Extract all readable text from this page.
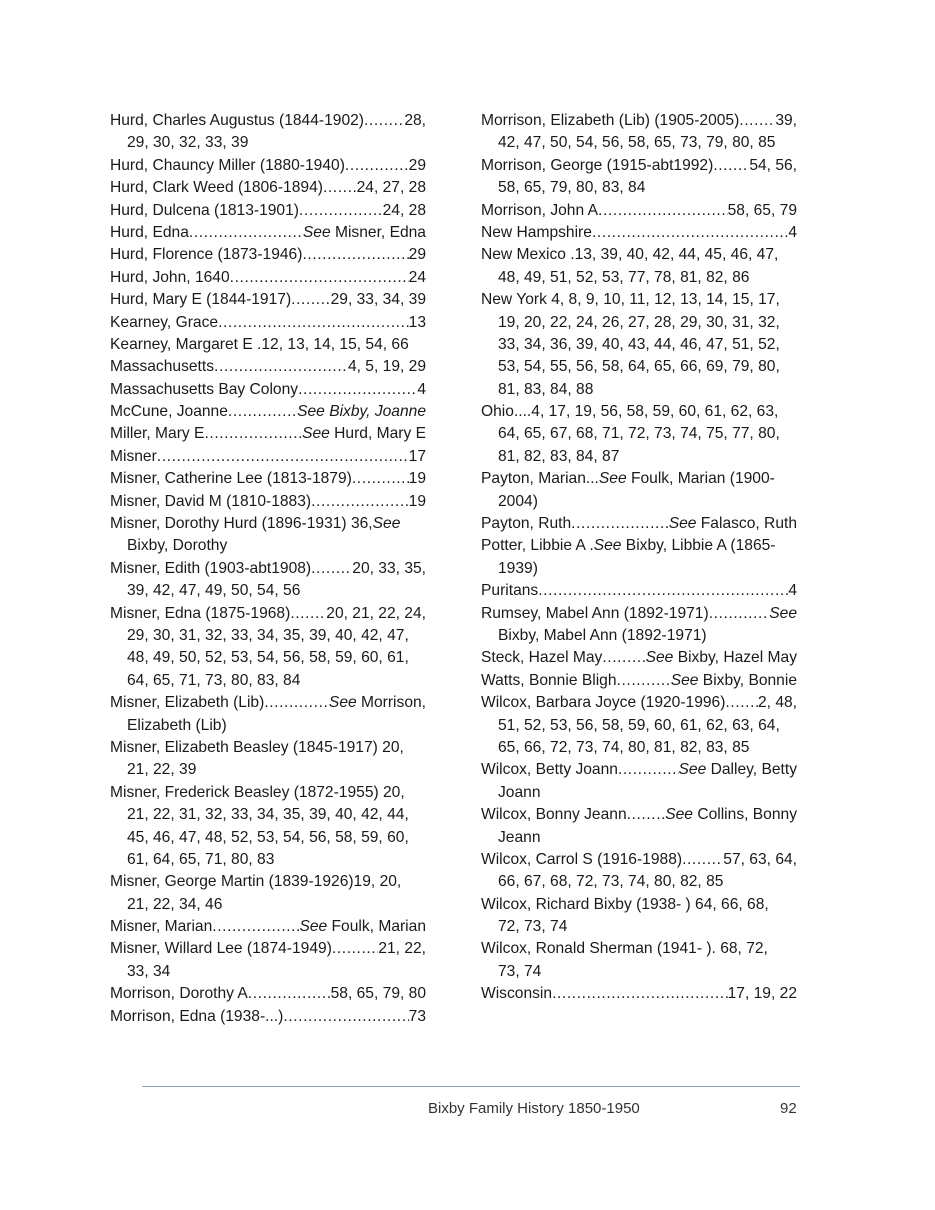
Hurd, Charles Augustus (1844-1902) .....	28,
29, 30, 32, 33, 39
Hurd, Chauncy Miller (1880-1940) .....	29
Hurd, Clark Weed (1806-1894) ..... 24, 27, 28
Hurd, Dulcena (1813-1901) .....	24, 28
Hurd, Edna .....	See Misner, Edna
Hurd, Florence (1873-1946) .....	29
Hurd, John, 1640 .....	24
Hurd, Mary E (1844-1917) .....	29, 33, 34, 39
Kearney, Grace .....	13
Kearney, Margaret E .12, 13, 14, 15, 54, 66
Massachusetts .....	4, 5, 19, 29
Massachusetts Bay Colony .....	4
McCune, Joanne .....	See Bixby, Joanne
Miller, Mary E .....	See Hurd, Mary E
Misner .....	17
Misner, Catherine Lee (1813-1879) .....	19
Misner, David M (1810-1883) .....	19
Misner, Dorothy Hurd (1896-1931) 36, See
Bixby, Dorothy
Misner, Edith (1903-abt1908) .....	20, 33, 35,
39, 42, 47, 49, 50, 54, 56
Misner, Edna (1875-1968) ..... 20, 21, 22, 24,
29, 30, 31, 32, 33, 34, 35, 39, 40, 42, 47,
48, 49, 50, 52, 53, 54, 56, 58, 59, 60, 61,
64, 65, 71, 73, 80, 83, 84
Misner, Elizabeth (Lib) .....	See Morrison,
Elizabeth (Lib)
Misner, Elizabeth Beasley (1845-1917) 20,
21, 22, 39
Misner, Frederick Beasley (1872-1955) 20,
21, 22, 31, 32, 33, 34, 35, 39, 40, 42, 44,
45, 46, 47, 48, 52, 53, 54, 56, 58, 59, 60,
61, 64, 65, 71, 80, 83
Misner, George Martin (1839-1926)19, 20,
21, 22, 34, 46
Misner, Marian .....	See Foulk, Marian
Misner, Willard Lee (1874-1949) .....	21, 22,
33, 34
Morrison, Dorothy A .....	58, 65, 79, 80
Morrison, Edna (1938-...) .....	73
Morrison, Elizabeth (Lib) (1905-2005) ..... 39,
42, 47, 50, 54, 56, 58, 65, 73, 79, 80, 85
Morrison, George (1915-abt1992) ..... 54, 56,
58, 65, 79, 80, 83, 84
Morrison, John A .....	58, 65, 79
New Hampshire .....	4
New Mexico .13, 39, 40, 42, 44, 45, 46, 47,
48, 49, 51, 52, 53, 77, 78, 81, 82, 86
New York 4, 8, 9, 10, 11, 12, 13, 14, 15, 17,
19, 20, 22, 24, 26, 27, 28, 29, 30, 31, 32,
33, 34, 36, 39, 40, 43, 44, 46, 47, 51, 52,
53, 54, 55, 56, 58, 64, 65, 66, 69, 79, 80,
81, 83, 84, 88
Ohio....4, 17, 19, 56, 58, 59, 60, 61, 62, 63,
64, 65, 67, 68, 71, 72, 73, 74, 75, 77, 80,
81, 82, 83, 84, 87
Payton, Marian... See Foulk, Marian (1900-
2004)
Payton, Ruth .....	See Falasco, Ruth
Potter, Libbie A . See Bixby, Libbie A (1865-
1939)
Puritans .....	4
Rumsey, Mabel Ann (1892-1971) .....	See
Bixby, Mabel Ann (1892-1971)
Steck, Hazel May .....	See Bixby, Hazel May
Watts, Bonnie Bligh .....	See Bixby, Bonnie
Wilcox, Barbara Joyce (1920-1996) ..... 2, 48,
51, 52, 53, 56, 58, 59, 60, 61, 62, 63, 64,
65, 66, 72, 73, 74, 80, 81, 82, 83, 85
Wilcox, Betty Joann .....	See Dalley, Betty
Joann
Wilcox, Bonny Jeann ..... See Collins, Bonny
Jeann
Wilcox, Carrol S (1916-1988) .....	57, 63, 64,
66, 67, 68, 72, 73, 74, 80, 82, 85
Wilcox, Richard Bixby (1938- ) 64, 66, 68,
72, 73, 74
Wilcox, Ronald Sherman (1941- ). 68, 72,
73, 74
Wisconsin .....	17, 19, 22
Bixby Family History 1850-1950	92
